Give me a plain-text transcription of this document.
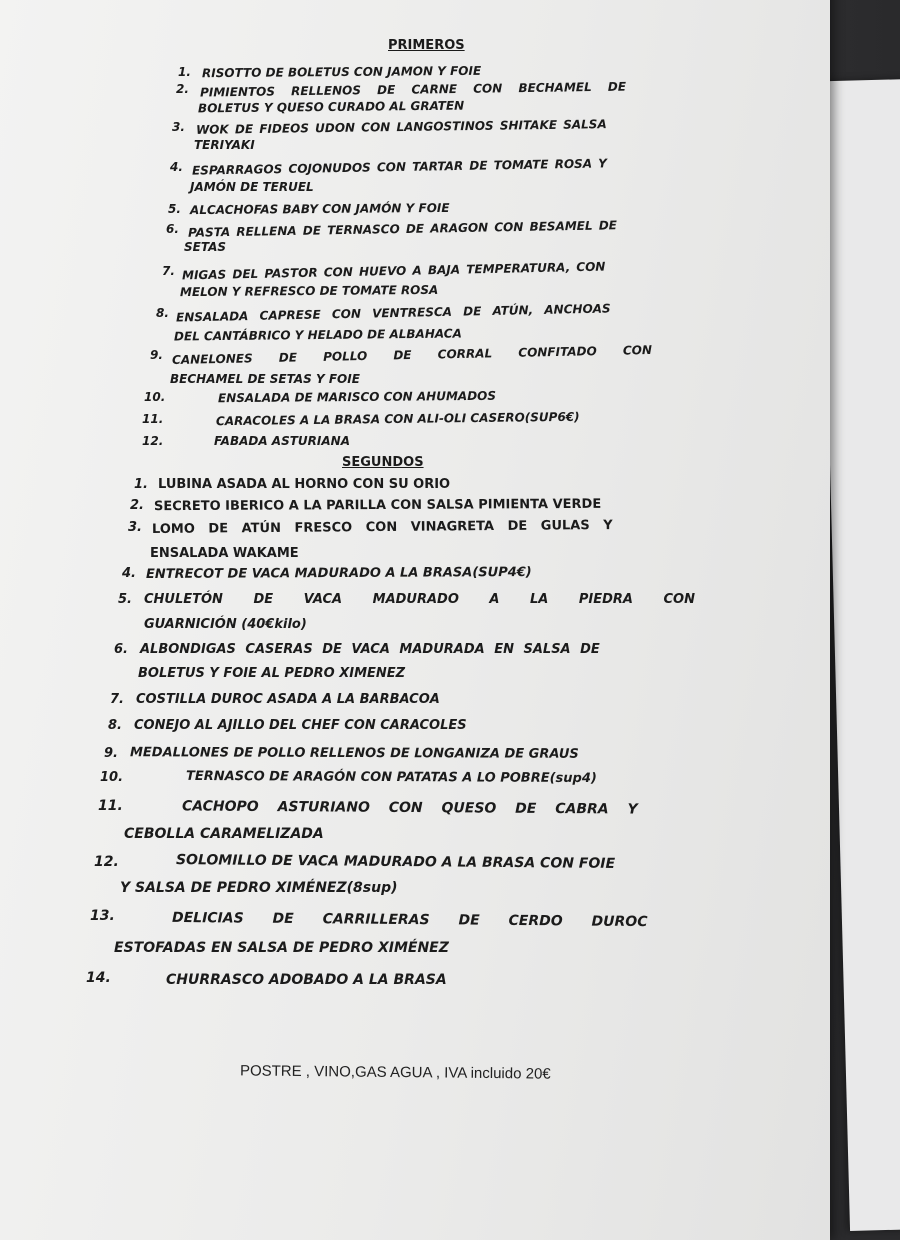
PRIMEROS
1. RISOTTO DE BOLETUS CON JAMON Y FOIE
2. PIMIENTOS RELLENOS DE CARNE CON BECHAMEL DE
BOLETUS Y QUESO CURADO AL GRATEN
3. WOK DE FIDEOS UDON CON LANGOSTINOS SHITAKE SALSA
TERIYAKI
4. ESPARRAGOS COJONUDOS CON TARTAR DE TOMATE ROSA Y
JAMÓN DE TERUEL
5. ALCACHOFAS BABY CON JAMÓN Y FOIE
6. PASTA RELLENA DE TERNASCO DE ARAGON CON BESAMEL DE
SETAS
7. MIGAS DEL PASTOR CON HUEVO A BAJA TEMPERATURA, CON
MELON Y REFRESCO DE TOMATE ROSA
8. ENSALADA CAPRESE CON VENTRESCA DE ATÚN, ANCHOAS
DEL CANTÁBRICO Y HELADO DE ALBAHACA
9. CANELONES DE POLLO DE CORRAL CONFITADO CON
BECHAMEL DE SETAS Y FOIE
10.	ENSALADA DE MARISCO CON AHUMADOS
11.	CARACOLES A LA BRASA CON ALI-OLI CASERO(SUP6€)
12.	FABADA ASTURIANA
SEGUNDOS
1. LUBINA ASADA AL HORNO CON SU ORIO
2. SECRETO IBERICO A LA PARILLA CON SALSA PIMIENTA VERDE
3. LOMO DE ATÚN FRESCO CON VINAGRETA DE GULAS Y
ENSALADA WAKAME
4. ENTRECOT DE VACA MADURADO A LA BRASA(SUP4€)
5. CHULETÓN DE VACA MADURADO A LA PIEDRA CON
GUARNICIÓN (40€kilo)
6. ALBONDIGAS CASERAS DE VACA MADURADA EN SALSA DE
BOLETUS Y FOIE AL PEDRO XIMENEZ
7. COSTILLA DUROC ASADA A LA BARBACOA
8. CONEJO AL AJILLO DEL CHEF CON CARACOLES
9. MEDALLONES DE POLLO RELLENOS DE LONGANIZA DE GRAUS
10.	TERNASCO DE ARAGÓN CON PATATAS A LO POBRE(sup4)
11.	CACHOPO ASTURIANO CON QUESO DE CABRA Y
CEBOLLA CARAMELIZADA
12.	SOLOMILLO DE VACA MADURADO A LA BRASA CON FOIE
Y SALSA DE PEDRO XIMÉNEZ(8sup)
13.	DELICIAS DE CARRILLERAS DE CERDO DUROC
ESTOFADAS EN SALSA DE PEDRO XIMÉNEZ
14.	CHURRASCO ADOBADO A LA BRASA
POSTRE , VINO,GAS AGUA , IVA incluido 20€
